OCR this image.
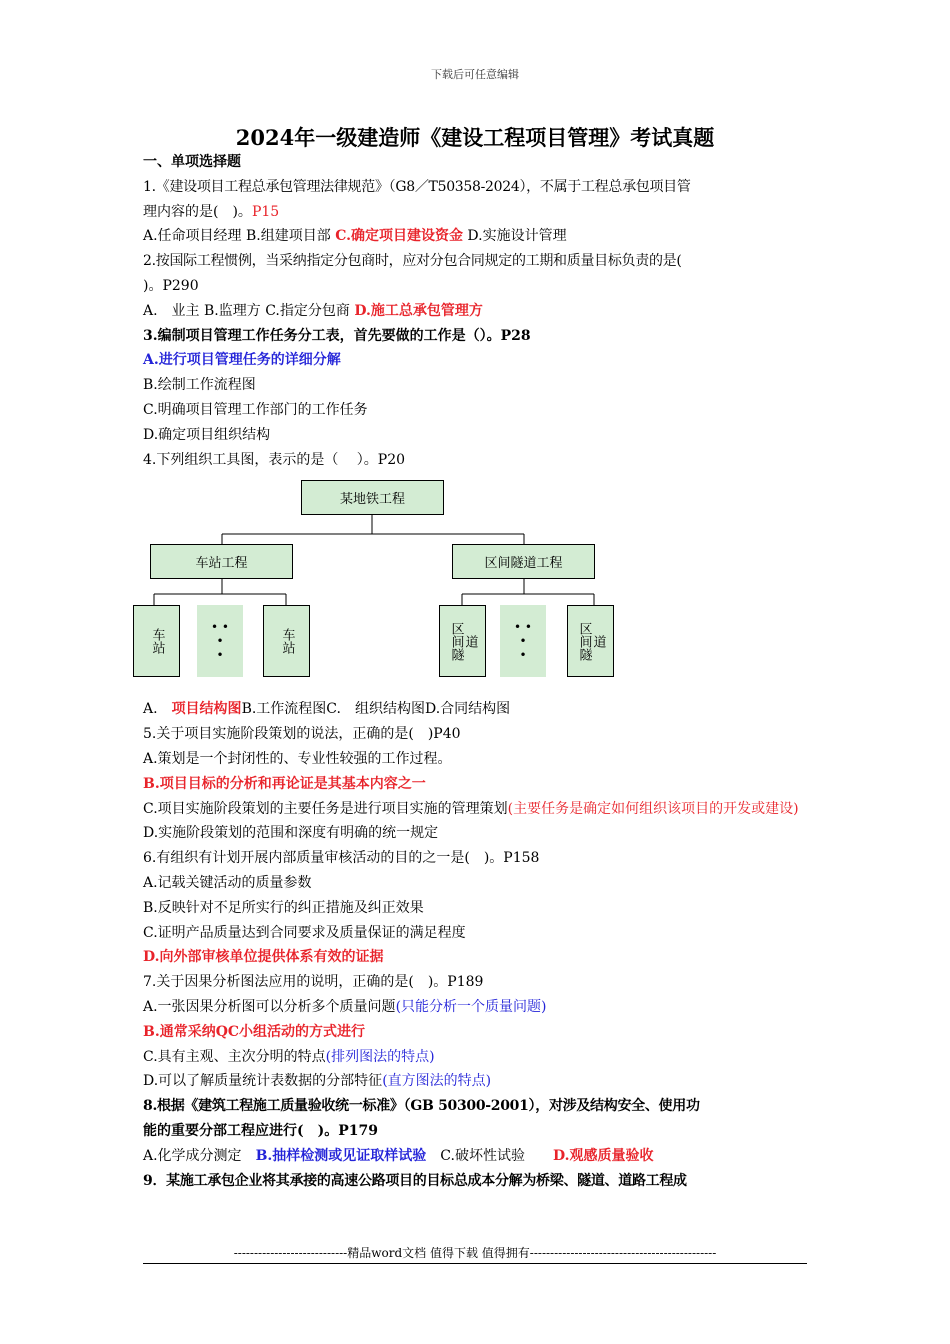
下载后可任意编辑
2024年一级建造师《建设工程项目管理》考试真题
一、单项选择题
1.《建设项目工程总承包管理法律规范》（G8／T50358-2024），不属于工程总承包项目管
理内容的是(　)。P15
A.任命项目经理 B.组建项目部 C.确定项目建设资金 D.实施设计管理
2.按国际工程惯例，当采纳指定分包商时，应对分包合同规定的工期和质量目标负责的是(
)。P290
A.　业主 B.监理方 C.指定分包商 D.施工总承包管理方
3.编制项目管理工作任务分工表，首先要做的工作是（）。P28
A.进行项目管理任务的详细分解
B.绘制工作流程图
C.明确项目管理工作部门的工作任务
D.确定项目组织结构
4.下列组织工具图，表示的是（　 ）。P20
某地铁工程
车站工程	区间隧道工程
车站
• •
•
•
车站	区间隧 道
• •
•
•	区间隧 道
A.　项目结构图B.工作流程图C.　组织结构图D.合同结构图
5.关于项目实施阶段策划的说法，正确的是(　)P40
A.策划是一个封闭性的、专业性较强的工作过程。
B.项目目标的分析和再论证是其基本内容之一
C.项目实施阶段策划的主要任务是进行项目实施的管理策划(主要任务是确定如何组织该项目的开发或建设)
D.实施阶段策划的范围和深度有明确的统一规定
6.有组织有计划开展内部质量审核活动的目的之一是(　)。P158
A.记载关键活动的质量参数
B.反映针对不足所实行的纠正措施及纠正效果
C.证明产品质量达到合同要求及质量保证的满足程度
D.向外部审核单位提供体系有效的证据
7.关于因果分析图法应用的说明，正确的是(　)。P189
A.一张因果分析图可以分析多个质量问题(只能分析一个质量问题)
B.通常采纳QC小组活动的方式进行
C.具有主观、主次分明的特点(排列图法的特点)
D.可以了解质量统计表数据的分部特征(直方图法的特点)
8.根据《建筑工程施工质量验收统一标准》（GB 50300-2001），对涉及结构安全、使用功
能的重要分部工程应进行(　)。P179
A.化学成分测定　B.抽样检测或见证取样试验　C.破坏性试验　　D.观感质量验收
9．某施工承包企业将其承接的高速公路项目的目标总成本分解为桥梁、隧道、道路工程成
----------------------------精品word文档 值得下载 值得拥有----------------------------------------------
